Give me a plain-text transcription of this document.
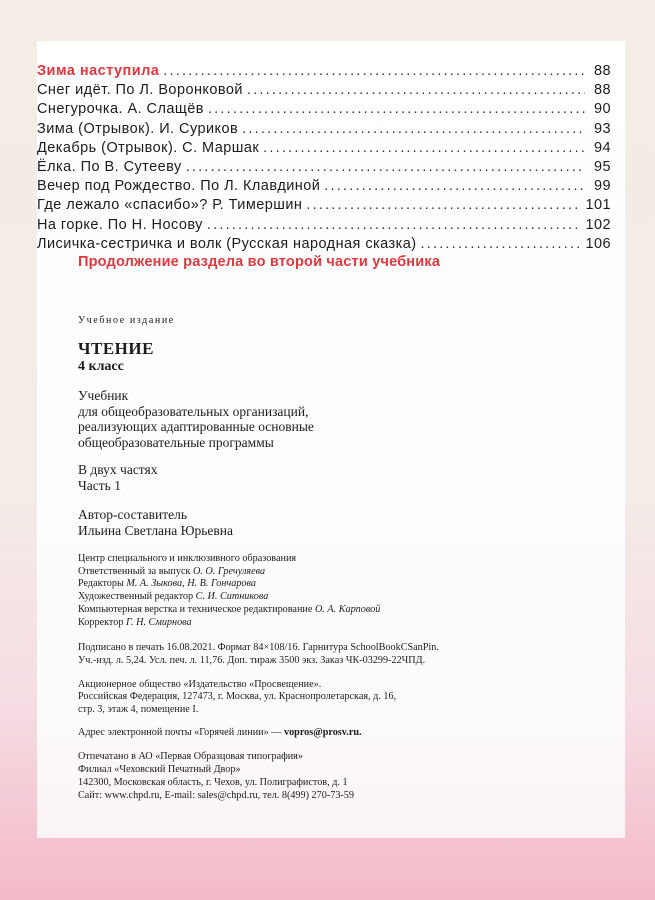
Зима наступила .....	88
Снег идёт. По Л. Воронковой .....	88
Снегурочка. А. Слащёв .....	90
Зима (Отрывок). И. Суриков .....	93
Декабрь (Отрывок). С. Маршак .....	94
Ёлка. По В. Сутееву .....	95
Вечер под Рождество. По Л. Клавдиной .....	99
Где лежало «спасибо»? Р. Тимершин .....	101
На горке. По Н. Носову .....	102
Лисичка-сестричка и волк (Русская народная сказка) .....	106
Продолжение раздела во второй части учебника
Учебное издание
ЧТЕНИЕ
4 класс
Учебник
для общеобразовательных организаций,
реализующих адаптированные основные
общеобразовательные программы
В двух частях
Часть 1
Автор-составитель
Ильина Светлана Юрьевна
Центр специального и инклюзивного образования
Ответственный за выпуск О. О. Гречуляева
Редакторы М. А. Зыкова, Н. В. Гончарова
Художественный редактор С. И. Ситникова
Компьютерная верстка и техническое редактирование О. А. Карповой
Корректор Г. Н. Смирнова
Подписано в печать 16.08.2021. Формат 84×108/16. Гарнитура SchoolBookCSanPin.
Уч.-изд. л. 5,24. Усл. печ. л. 11,76. Доп. тираж 3500 экз. Заказ ЧК-03299-22ЧПД.
Акционерное общество «Издательство «Просвещение».
Российская Федерация, 127473, г. Москва, ул. Краснопролетарская, д. 16,
стр. 3, этаж 4, помещение I.
Адрес электронной почты «Горячей линии» — vopros@prosv.ru.
Отпечатано в АО «Первая Образцовая типография»
Филиал «Чеховский Печатный Двор»
142300, Московская область, г. Чехов, ул. Полиграфистов, д. 1
Сайт: www.chpd.ru, E-mail: sales@chpd.ru, тел. 8(499) 270-73-59
